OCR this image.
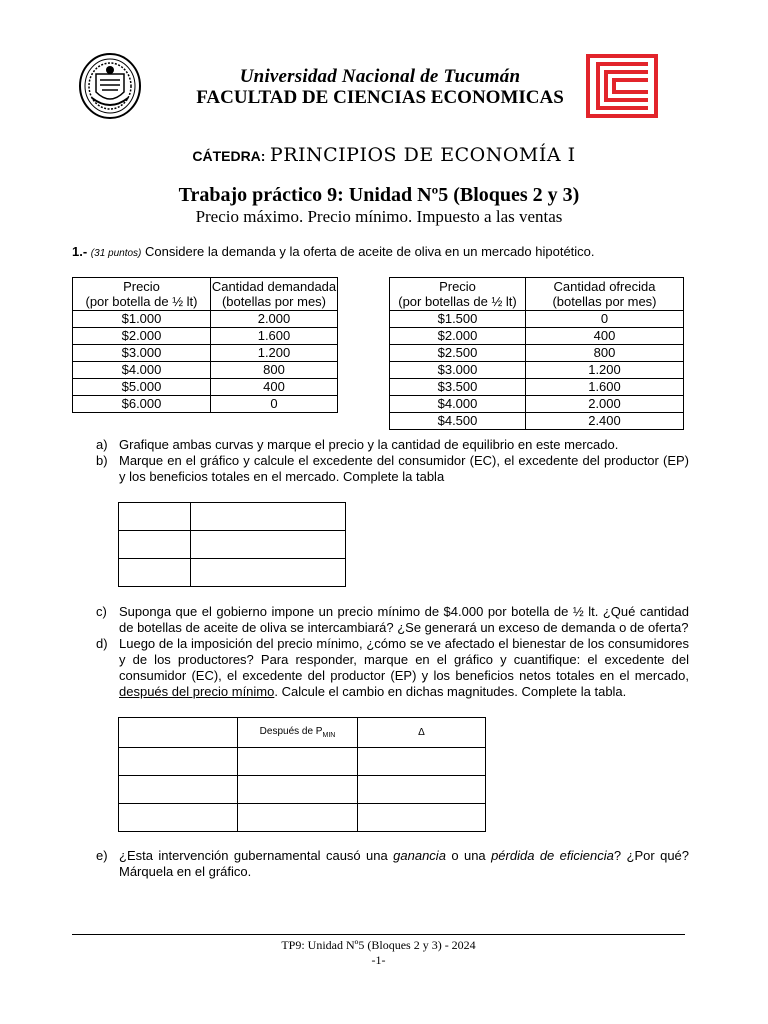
Universidad Nacional de Tucumán
FACULTAD DE CIENCIAS ECONOMICAS
CÁTEDRA: PRINCIPIOS DE ECONOMÍA I
Trabajo práctico 9: Unidad Nº5 (Bloques 2 y 3)
Precio máximo. Precio mínimo. Impuesto a las ventas
1.- (31 puntos) Considere la demanda y la oferta de aceite de oliva en un mercado hipotético.
Precio
(por botella de ½ lt)	Cantidad demandada
(botellas por mes)
$1.000	2.000
$2.000	1.600
$3.000	1.200
$4.000	800
$5.000	400
$6.000	0
Precio
(por botellas de ½ lt)	Cantidad ofrecida
(botellas por mes)
$1.500	0
$2.000	400
$2.500	800
$3.000	1.200
$3.500	1.600
$4.000	2.000
$4.500	2.400
a) Grafique ambas curvas y marque el precio y la cantidad de equilibrio en este mercado.
b) Marque en el gráfico y calcule el excedente del consumidor (EC), el excedente del productor (EP) y los beneficios totales en el mercado. Complete la tabla

c) Suponga que el gobierno impone un precio mínimo de $4.000 por botella de ½ lt. ¿Qué cantidad de botellas de aceite de oliva se intercambiará? ¿Se generará un exceso de demanda o de oferta?
d) Luego de la imposición del precio mínimo, ¿cómo se ve afectado el bienestar de los consumidores y de los productores? Para responder, marque en el gráfico y cuantifique: el excedente del consumidor (EC), el excedente del productor (EP) y los beneficios netos totales en el mercado, después del precio mínimo. Calcule el cambio en dichas magnitudes. Complete la tabla.
	Después de $P_{MIN}$	Δ

e) ¿Esta intervención gubernamental causó una ganancia o una pérdida de eficiencia? ¿Por qué? Márquela en el gráfico.
TP9: Unidad Nº5 (Bloques 2 y 3) - 2024
-1-
